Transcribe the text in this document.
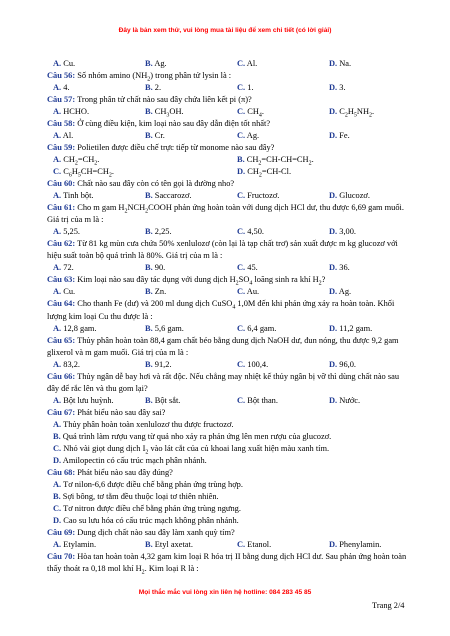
Đây là bản xem thử, vui lòng mua tài liệu để xem chi tiết (có lời giải)
A. Cu.	B. Ag.	C. Al.	D. Na.
Câu 56: Số nhóm amino $(NH_2)$ trong phân tử lysin là :
A. 4.	B. 2.	C. 1.	D. 3.
Câu 57: Trong phân tử chất nào sau đây chứa liên kết pi (π)?
A. HCHO.	B. $CH_3OH$.	C. $CH_4$.	D. $C_2H_5NH_2$.
Câu 58: Ở cùng điều kiện, kim loại nào sau đây dẫn điện tốt nhất?
A. Al.	B. Cr.	C. Ag.	D. Fe.
Câu 59: Polietilen được điều chế trực tiếp từ monome nào sau đây?
A. $CH_2=CH_2$.	B. $CH_2=CH-CH=CH_2$.
C. $C_6H_5CH=CH_2$.	D. $CH_2=CH-Cl$.
Câu 60: Chất nào sau đây còn có tên gọi là đường nho?
A. Tinh bột.	B. Saccarozơ.	C. Fructozơ.	D. Glucozơ.
Câu 61: Cho m gam $H_2NCH_2COOH$ phản ứng hoàn toàn với dung dịch HCl dư, thu được 6,69 gam muối. Giá trị của m là :
A. 5,25.	B. 2,25.	C. 4,50.	D. 3,00.
Câu 62: Từ 81 kg mùn cưa chứa 50% xenlulozơ (còn lại là tạp chất trơ) sản xuất được m kg glucozơ với hiệu suất toàn bộ quá trình là 80%. Giá trị của m là :
A. 72.	B. 90.	C. 45.	D. 36.
Câu 63: Kim loại nào sau đây tác dụng với dung dịch $H_2SO_4$ loãng sinh ra khí $H_2$?
A. Cu.	B. Zn.	C. Au.	D. Ag.
Câu 64: Cho thanh Fe (dư) và 200 ml dung dịch CuSO$_4$ 1,0M đến khi phản ứng xảy ra hoàn toàn. Khối lượng kim loại Cu thu được là :
A. 12,8 gam.	B. 5,6 gam.	C. 6,4 gam.	D. 11,2 gam.
Câu 65: Thủy phân hoàn toàn 88,4 gam chất béo bằng dung dịch NaOH dư, đun nóng, thu được 9,2 gam glixerol và m gam muối. Giá trị của m là :
A. 83,2.	B. 91,2.	C. 100,4.	D. 96,0.
Câu 66: Thủy ngân dễ bay hơi và rất độc. Nếu chẳng may nhiệt kế thủy ngân bị vỡ thì dùng chất nào sau đây để rắc lên và thu gom lại?
A. Bột lưu huỳnh.	B. Bột sắt.	C. Bột than.	D. Nước.
Câu 67: Phát biểu nào sau đây sai?
A. Thủy phân hoàn toàn xenlulozơ thu được fructozơ.
B. Quá trình làm rượu vang từ quả nho xảy ra phản ứng lên men rượu của glucozơ.
C. Nhỏ vài giọt dung dịch $I_2$ vào lát cắt của củ khoai lang xuất hiện màu xanh tím.
D. Amilopectin có cấu trúc mạch phân nhánh.
Câu 68: Phát biểu nào sau đây đúng?
A. Tơ nilon-6,6 được điều chế bằng phản ứng trùng hợp.
B. Sợi bông, tơ tằm đều thuộc loại tơ thiên nhiên.
C. Tơ nitron được điều chế bằng phản ứng trùng ngưng.
D. Cao su lưu hóa có cấu trúc mạch không phân nhánh.
Câu 69: Dung dịch chất nào sau đây làm xanh quỳ tím?
A. Etylamin.	B. Etyl axetat.	C. Etanol.	D. Phenylamin.
Câu 70: Hòa tan hoàn toàn 4,32 gam kim loại R hóa trị II bằng dung dịch HCl dư. Sau phản ứng hoàn toàn thấy thoát ra 0,18 mol khí $H_2$. Kim loại R là :
Mọi thắc mắc vui lòng xin liên hệ hotline: 084 283 45 85
Trang 2/4
